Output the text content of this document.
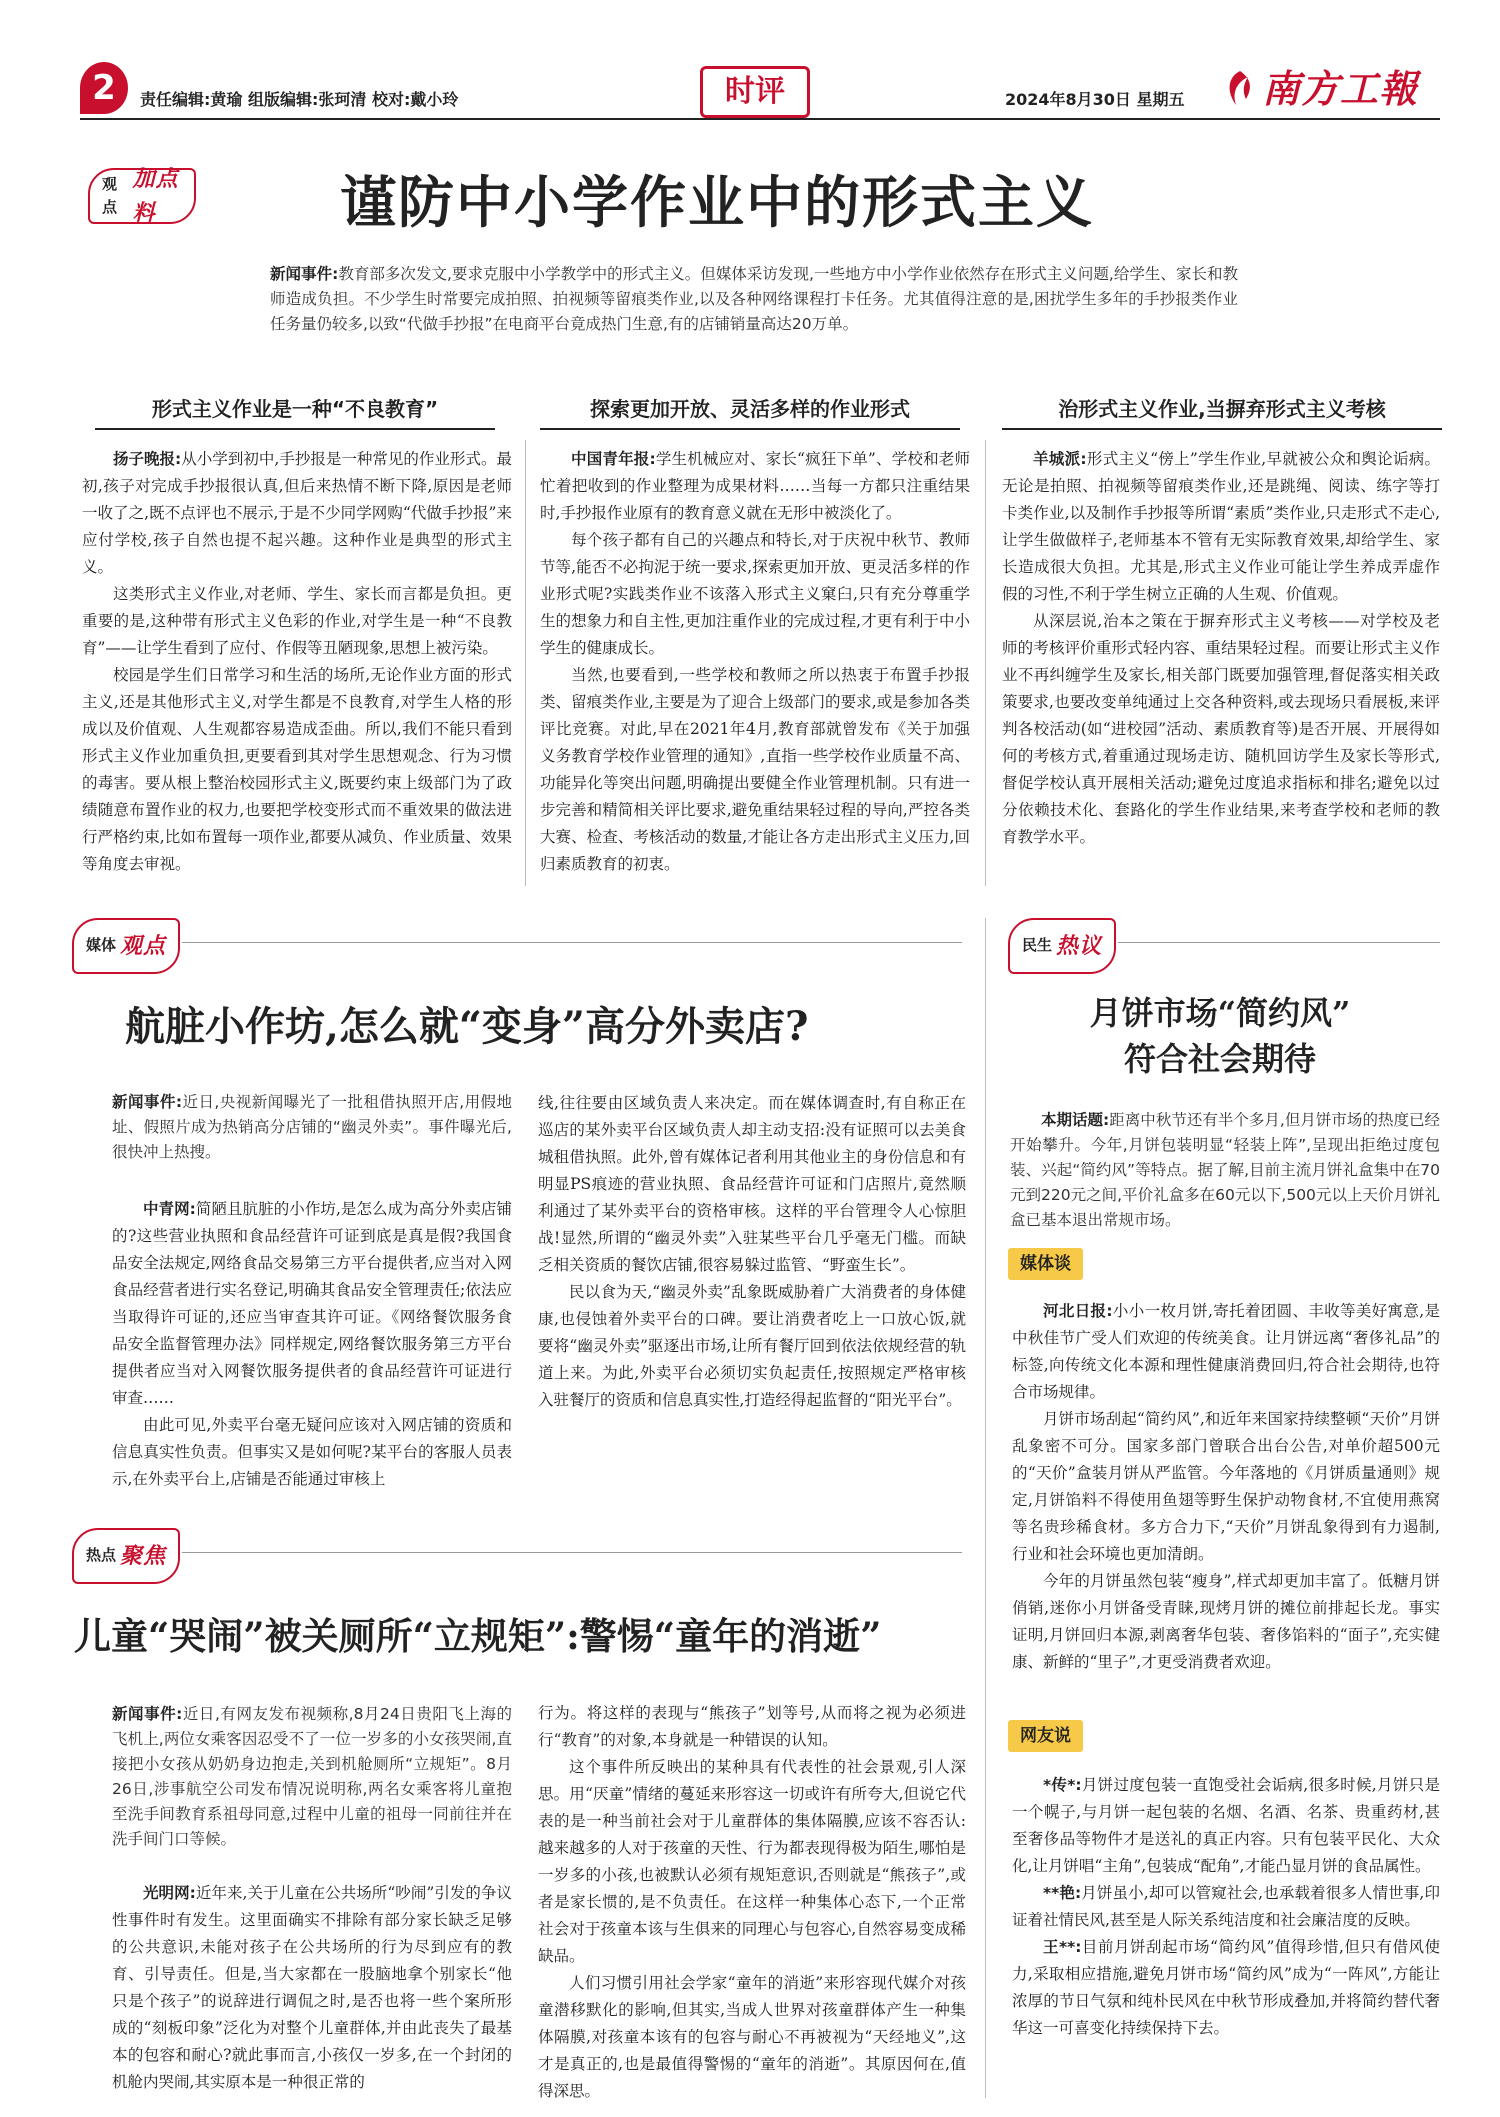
2 责任编辑:黄瑜 组版编辑:张珂清 校对:戴小玲	时评	2024年8月30日 星期五 南方工報
观点
加点料	谨防中小学作业中的形式主义
新闻事件:教育部多次发文,要求克服中小学教学中的形式主义。但媒体采访发现,一些地方中小学作业依然存在形式主义问题,给学生、家长和教师造成负担。不少学生时常要完成拍照、拍视频等留痕类作业,以及各种网络课程打卡任务。尤其值得注意的是,困扰学生多年的手抄报类作业任务量仍较多,以致“代做手抄报”在电商平台竟成热门生意,有的店铺销量高达20万单。
形式主义作业是一种“不良教育”	探索更加开放、灵活多样的作业形式	治形式主义作业,当摒弃形式主义考核

扬子晚报:从小学到初中,手抄报是一种常见的作业形式。最初,孩子对完成手抄报很认真,但后来热情不断下降,原因是老师一收了之,既不点评也不展示,于是不少同学网购“代做手抄报”来应付学校,孩子自然也提不起兴趣。这种作业是典型的形式主义。

这类形式主义作业,对老师、学生、家长而言都是负担。更重要的是,这种带有形式主义色彩的作业,对学生是一种“不良教育”——让学生看到了应付、作假等丑陋现象,思想上被污染。

校园是学生们日常学习和生活的场所,无论作业方面的形式主义,还是其他形式主义,对学生都是不良教育,对学生人格的形成以及价值观、人生观都容易造成歪曲。所以,我们不能只看到形式主义作业加重负担,更要看到其对学生思想观念、行为习惯的毒害。要从根上整治校园形式主义,既要约束上级部门为了政绩随意布置作业的权力,也要把学校变形式而不重效果的做法进行严格约束,比如布置每一项作业,都要从减负、作业质量、效果等角度去审视。

中国青年报:学生机械应对、家长“疯狂下单”、学校和老师忙着把收到的作业整理为成果材料……当每一方都只注重结果时,手抄报作业原有的教育意义就在无形中被淡化了。

每个孩子都有自己的兴趣点和特长,对于庆祝中秋节、教师节等,能否不必拘泥于统一要求,探索更加开放、更灵活多样的作业形式呢?实践类作业不该落入形式主义窠臼,只有充分尊重学生的想象力和自主性,更加注重作业的完成过程,才更有利于中小学生的健康成长。

当然,也要看到,一些学校和教师之所以热衷于布置手抄报类、留痕类作业,主要是为了迎合上级部门的要求,或是参加各类评比竞赛。对此,早在2021年4月,教育部就曾发布《关于加强义务教育学校作业管理的通知》,直指一些学校作业质量不高、功能异化等突出问题,明确提出要健全作业管理机制。只有进一步完善和精简相关评比要求,避免重结果轻过程的导向,严控各类大赛、检查、考核活动的数量,才能让各方走出形式主义压力,回归素质教育的初衷。

羊城派:形式主义“傍上”学生作业,早就被公众和舆论诟病。无论是拍照、拍视频等留痕类作业,还是跳绳、阅读、练字等打卡类作业,以及制作手抄报等所谓“素质”类作业,只走形式不走心,让学生做做样子,老师基本不管有无实际教育效果,却给学生、家长造成很大负担。尤其是,形式主义作业可能让学生养成弄虚作假的习性,不利于学生树立正确的人生观、价值观。

从深层说,治本之策在于摒弃形式主义考核——对学校及老师的考核评价重形式轻内容、重结果轻过程。而要让形式主义作业不再纠缠学生及家长,相关部门既要加强管理,督促落实相关政策要求,也要改变单纯通过上交各种资料,或去现场只看展板,来评判各校活动(如“进校园”活动、素质教育等)是否开展、开展得如何的考核方式,着重通过现场走访、随机回访学生及家长等形式,督促学校认真开展相关活动;避免过度追求指标和排名;避免以过分依赖技术化、套路化的学生作业结果,来考查学校和老师的教育教学水平。

媒体 观点
航脏小作坊,怎么就“变身”高分外卖店?
新闻事件:近日,央视新闻曝光了一批租借执照开店,用假地址、假照片成为热销高分店铺的“幽灵外卖”。事件曝光后,很快冲上热搜。

中青网:简陋且肮脏的小作坊,是怎么成为高分外卖店铺的?这些营业执照和食品经营许可证到底是真是假?我国食品安全法规定,网络食品交易第三方平台提供者,应当对入网食品经营者进行实名登记,明确其食品安全管理责任;依法应当取得许可证的,还应当审查其许可证。《网络餐饮服务食品安全监督管理办法》同样规定,网络餐饮服务第三方平台提供者应当对入网餐饮服务提供者的食品经营许可证进行审查……

由此可见,外卖平台毫无疑问应该对入网店铺的资质和信息真实性负责。但事实又是如何呢?某平台的客服人员表示,在外卖平台上,店铺是否能通过审核上

线,往往要由区域负责人来决定。而在媒体调查时,有自称正在巡店的某外卖平台区域负责人却主动支招:没有证照可以去美食城租借执照。此外,曾有媒体记者利用其他业主的身份信息和有明显PS痕迹的营业执照、食品经营许可证和门店照片,竟然顺利通过了某外卖平台的资格审核。这样的平台管理令人心惊胆战!显然,所谓的“幽灵外卖”入驻某些平台几乎毫无门槛。而缺乏相关资质的餐饮店铺,很容易躲过监管、“野蛮生长”。

民以食为天,“幽灵外卖”乱象既威胁着广大消费者的身体健康,也侵蚀着外卖平台的口碑。要让消费者吃上一口放心饭,就要将“幽灵外卖”驱逐出市场,让所有餐厅回到依法依规经营的轨道上来。为此,外卖平台必须切实负起责任,按照规定严格审核入驻餐厅的资质和信息真实性,打造经得起监督的“阳光平台”。

热点 聚焦
儿童“哭闹”被关厕所“立规矩”:警惕“童年的消逝”
新闻事件:近日,有网友发布视频称,8月24日贵阳飞上海的飞机上,两位女乘客因忍受不了一位一岁多的小女孩哭闹,直接把小女孩从奶奶身边抱走,关到机舱厕所“立规矩”。8月26日,涉事航空公司发布情况说明称,两名女乘客将儿童抱至洗手间教育系祖母同意,过程中儿童的祖母一同前往并在洗手间门口等候。

光明网:近年来,关于儿童在公共场所“吵闹”引发的争议性事件时有发生。这里面确实不排除有部分家长缺乏足够的公共意识,未能对孩子在公共场所的行为尽到应有的教育、引导责任。但是,当大家都在一股脑地拿个别家长“他只是个孩子”的说辞进行调侃之时,是否也将一些个案所形成的“刻板印象”泛化为对整个儿童群体,并由此丧失了最基本的包容和耐心?就此事而言,小孩仅一岁多,在一个封闭的机舱内哭闹,其实原本是一种很正常的

行为。将这样的表现与“熊孩子”划等号,从而将之视为必须进行“教育”的对象,本身就是一种错误的认知。

这个事件所反映出的某种具有代表性的社会景观,引人深思。用“厌童”情绪的蔓延来形容这一切或许有所夸大,但说它代表的是一种当前社会对于儿童群体的集体隔膜,应该不容否认:越来越多的人对于孩童的天性、行为都表现得极为陌生,哪怕是一岁多的小孩,也被默认必须有规矩意识,否则就是“熊孩子”,或者是家长惯的,是不负责任。在这样一种集体心态下,一个正常社会对于孩童本该与生俱来的同理心与包容心,自然容易变成稀缺品。

人们习惯引用社会学家“童年的消逝”来形容现代媒介对孩童潜移默化的影响,但其实,当成人世界对孩童群体产生一种集体隔膜,对孩童本该有的包容与耐心不再被视为“天经地义”,这才是真正的,也是最值得警惕的“童年的消逝”。其原因何在,值得深思。

民生 热议
月饼市场“简约风”
符合社会期待
本期话题:距离中秋节还有半个多月,但月饼市场的热度已经开始攀升。今年,月饼包装明显“轻装上阵”,呈现出拒绝过度包装、兴起“简约风”等特点。据了解,目前主流月饼礼盒集中在70元到220元之间,平价礼盒多在60元以下,500元以上天价月饼礼盒已基本退出常规市场。
媒体谈

河北日报:小小一枚月饼,寄托着团圆、丰收等美好寓意,是中秋佳节广受人们欢迎的传统美食。让月饼远离“奢侈礼品”的标签,向传统文化本源和理性健康消费回归,符合社会期待,也符合市场规律。

月饼市场刮起“简约风”,和近年来国家持续整顿“天价”月饼乱象密不可分。国家多部门曾联合出台公告,对单价超500元的“天价”盒装月饼从严监管。今年落地的《月饼质量通则》规定,月饼馅料不得使用鱼翅等野生保护动物食材,不宜使用燕窝等名贵珍稀食材。多方合力下,“天价”月饼乱象得到有力遏制,行业和社会环境也更加清朗。

今年的月饼虽然包装“瘦身”,样式却更加丰富了。低糖月饼俏销,迷你小月饼备受青睐,现烤月饼的摊位前排起长龙。事实证明,月饼回归本源,剥离奢华包装、奢侈馅料的“面子”,充实健康、新鲜的“里子”,才更受消费者欢迎。

网友说

*传*:月饼过度包装一直饱受社会诟病,很多时候,月饼只是一个幌子,与月饼一起包装的名烟、名酒、名茶、贵重药材,甚至奢侈品等物件才是送礼的真正内容。只有包装平民化、大众化,让月饼唱“主角”,包装成“配角”,才能凸显月饼的食品属性。

**艳:月饼虽小,却可以管窥社会,也承载着很多人情世事,印证着社情民风,甚至是人际关系纯洁度和社会廉洁度的反映。

王**:目前月饼刮起市场“简约风”值得珍惜,但只有借风使力,采取相应措施,避免月饼市场“简约风”成为“一阵风”,方能让浓厚的节日气氛和纯朴民风在中秋节形成叠加,并将简约替代奢华这一可喜变化持续保持下去。
